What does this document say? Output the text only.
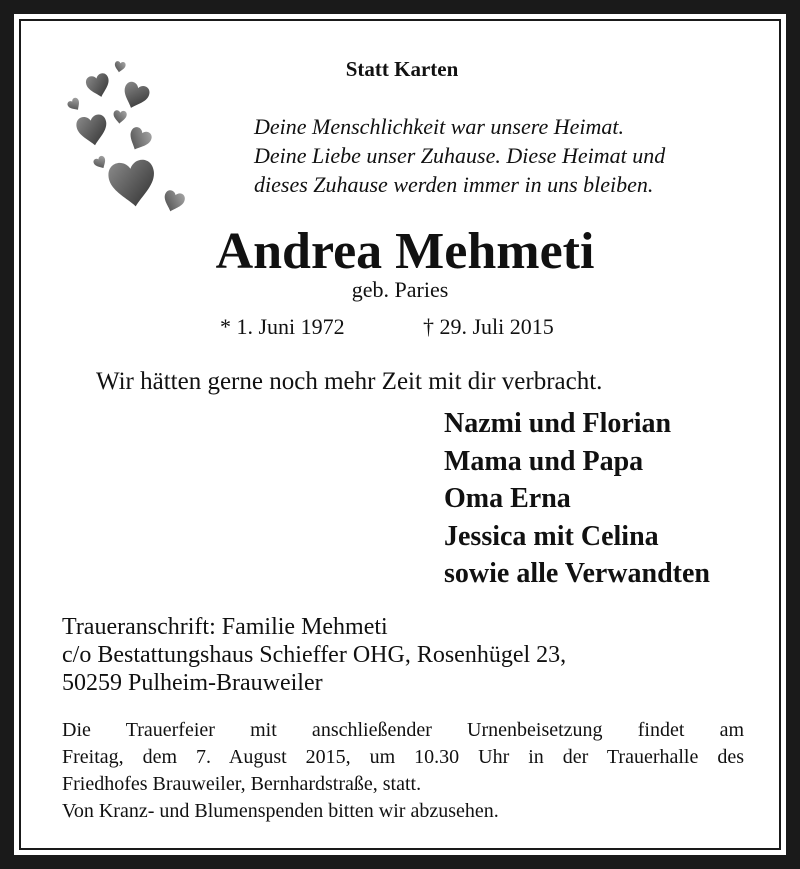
Statt Karten
Deine Menschlichkeit war unsere Heimat.
Deine Liebe unser Zuhause. Diese Heimat und
dieses Zuhause werden immer in uns bleiben.
Andrea Mehmeti
geb. Paries
* 1. Juni 1972	† 29. Juli 2015
Wir hätten gerne noch mehr Zeit mit dir verbracht.
Nazmi und Florian
Mama und Papa
Oma Erna
Jessica mit Celina
sowie alle Verwandten
Traueranschrift: Familie Mehmeti
c/o Bestattungshaus Schieffer OHG, Rosenhügel 23,
50259 Pulheim-Brauweiler
Die Trauerfeier mit anschließender Urnenbeisetzung findet am
Freitag, dem 7. August 2015, um 10.30 Uhr in der Trauerhalle des
Friedhofes Brauweiler, Bernhardstraße, statt.
Von Kranz- und Blumenspenden bitten wir abzusehen.
